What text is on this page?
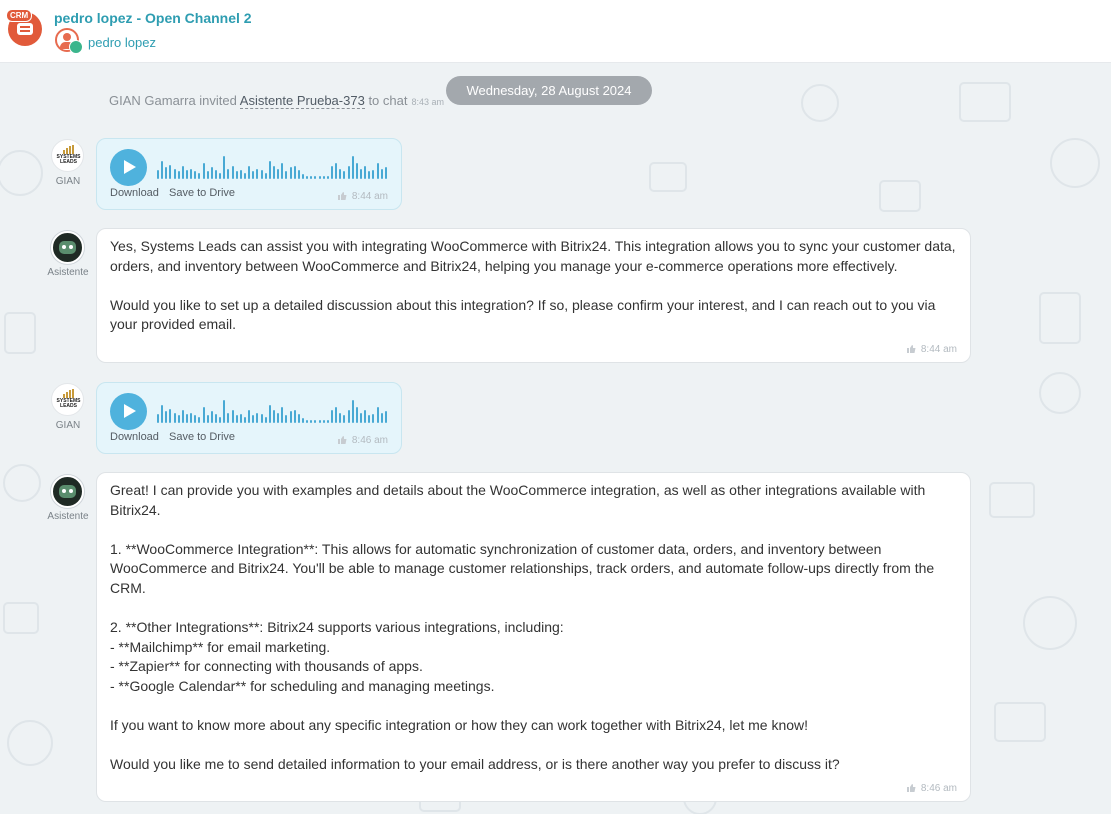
CRM pedro lopez - Open Channel 2
pedro lopez
Wednesday, 28 August 2024
GIAN Gamarra invited Asistente Prueba-373 to chat 8:43 am
SYSTEMS LEADS
GIAN
Download Save to Drive	8:44 am
Asistente
Yes, Systems Leads can assist you with integrating WooCommerce with Bitrix24. This integration allows you to sync your customer data, orders, and inventory between WooCommerce and Bitrix24, helping you manage your e-commerce operations more effectively.

Would you like to set up a detailed discussion about this integration? If so, please confirm your interest, and I can reach out to you via your provided email.
8:44 am
SYSTEMS LEADS
GIAN
Download Save to Drive	8:46 am
Asistente
Great! I can provide you with examples and details about the WooCommerce integration, as well as other integrations available with Bitrix24.

1. **WooCommerce Integration**: This allows for automatic synchronization of customer data, orders, and inventory between WooCommerce and Bitrix24. You'll be able to manage customer relationships, track orders, and automate follow-ups directly from the CRM.

2. **Other Integrations**: Bitrix24 supports various integrations, including:
- **Mailchimp** for email marketing.
- **Zapier** for connecting with thousands of apps.
- **Google Calendar** for scheduling and managing meetings.

If you want to know more about any specific integration or how they can work together with Bitrix24, let me know!

Would you like me to send detailed information to your email address, or is there another way you prefer to discuss it?
8:46 am
